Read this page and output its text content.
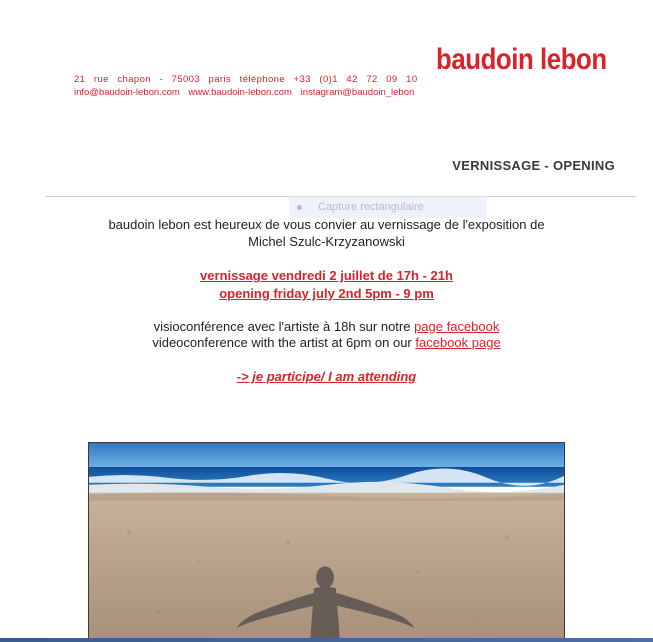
baudoin lebon
21 rue chapon - 75003 paris téléphone +33 (0)1 42 72 09 10
info@baudoin-lebon.com www.baudoin-lebon.com instagram@baudoin_lebon
VERNISSAGE - OPENING
Capture rectangulaire
baudoin lebon est heureux de vous convier au vernissage de l'exposition de
Michel Szulc-Krzyzanowski
vernissage vendredi 2 juillet de 17h - 21h
opening friday july 2nd 5pm - 9 pm
visioconférence avec l'artiste à 18h sur notre page facebook
videoconference with the artist at 6pm on our facebook page
-> je participe/ I am attending
